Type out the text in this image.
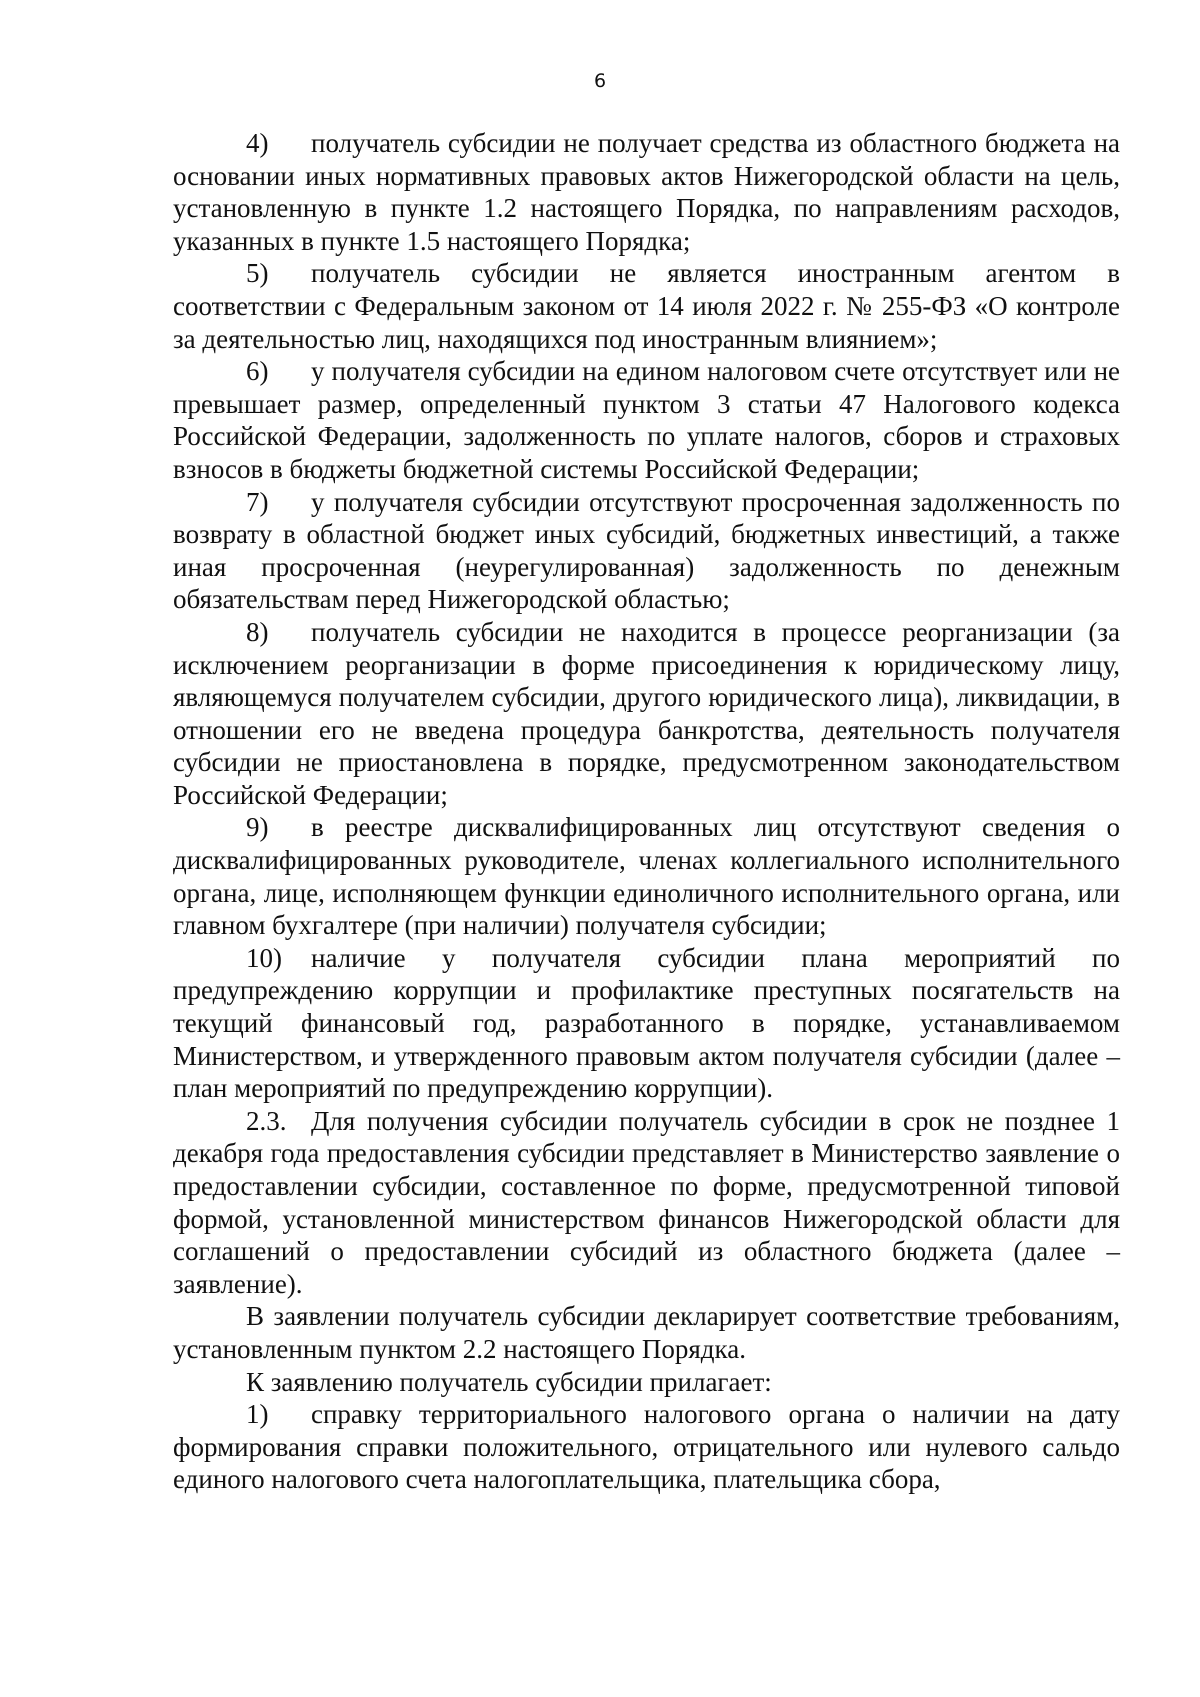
6

4) получатель субсидии не получает средства из областного бюджета на основании иных нормативных правовых актов Нижегородской области на цель, установленную в пункте 1.2 настоящего Порядка, по направлениям расходов, указанных в пункте 1.5 настоящего Порядка;

5) получатель субсидии не является иностранным агентом в соответствии с Федеральным законом от 14 июля 2022 г. № 255-ФЗ «О контроле за деятельностью лиц, находящихся под иностранным влиянием»;

6) у получателя субсидии на едином налоговом счете отсутствует или не превышает размер, определенный пунктом 3 статьи 47 Налогового кодекса Российской Федерации, задолженность по уплате налогов, сборов и страховых взносов в бюджеты бюджетной системы Российской Федерации;

7) у получателя субсидии отсутствуют просроченная задолженность по возврату в областной бюджет иных субсидий, бюджетных инвестиций, а также иная просроченная (неурегулированная) задолженность по денежным обязательствам перед Нижегородской областью;

8) получатель субсидии не находится в процессе реорганизации (за исключением реорганизации в форме присоединения к юридическому лицу, являющемуся получателем субсидии, другого юридического лица), ликвидации, в отношении его не введена процедура банкротства, деятельность получателя субсидии не приостановлена в порядке, предусмотренном законодательством Российской Федерации;

9) в реестре дисквалифицированных лиц отсутствуют сведения о дисквалифицированных руководителе, членах коллегиального исполнительного органа, лице, исполняющем функции единоличного исполнительного органа, или главном бухгалтере (при наличии) получателя субсидии;

10) наличие у получателя субсидии плана мероприятий по предупреждению коррупции и профилактике преступных посягательств на текущий финансовый год, разработанного в порядке, устанавливаемом Министерством, и утвержденного правовым актом получателя субсидии (далее – план мероприятий по предупреждению коррупции).

2.3. Для получения субсидии получатель субсидии в срок не позднее 1 декабря года предоставления субсидии представляет в Министерство заявление о предоставлении субсидии, составленное по форме, предусмотренной типовой формой, установленной министерством финансов Нижегородской области для соглашений о предоставлении субсидий из областного бюджета (далее – заявление).

В заявлении получатель субсидии декларирует соответствие требованиям, установленным пунктом 2.2 настоящего Порядка.

К заявлению получатель субсидии прилагает:

1) справку территориального налогового органа о наличии на дату формирования справки положительного, отрицательного или нулевого сальдо единого налогового счета налогоплательщика, плательщика сбора,
